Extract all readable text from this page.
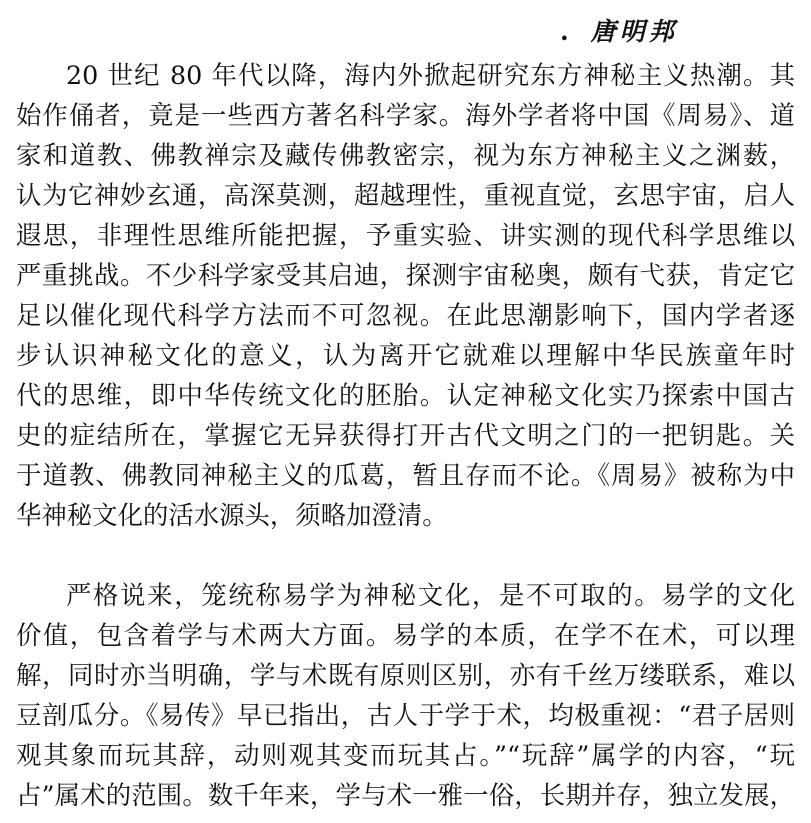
. 唐明邦
20 世纪 80 年代以降，海内外掀起研究东方神秘主义热潮。其
始作俑者，竟是一些西方著名科学家。海外学者将中国《周易》、道
家和道教、佛教禅宗及藏传佛教密宗，视为东方神秘主义之渊薮，
认为它神妙玄通，高深莫测，超越理性，重视直觉，玄思宇宙，启人
遐思，非理性思维所能把握，予重实验、讲实测的现代科学思维以
严重挑战。不少科学家受其启迪，探测宇宙秘奥，颇有弋获，肯定它
足以催化现代科学方法而不可忽视。在此思潮影响下，国内学者逐
步认识神秘文化的意义，认为离开它就难以理解中华民族童年时
代的思维，即中华传统文化的胚胎。认定神秘文化实乃探索中国古
史的症结所在，掌握它无异获得打开古代文明之门的一把钥匙。关
于道教、佛教同神秘主义的瓜葛，暂且存而不论。《周易》被称为中
华神秘文化的活水源头，须略加澄清。
严格说来，笼统称易学为神秘文化，是不可取的。易学的文化
价值，包含着学与术两大方面。易学的本质，在学不在术，可以理
解，同时亦当明确，学与术既有原则区别，亦有千丝万缕联系，难以
豆剖瓜分。《易传》早已指出，古人于学于术，均极重视：“君子居则
观其象而玩其辞，动则观其变而玩其占。”“玩辞”属学的内容，“玩
占”属术的范围。数千年来，学与术一雅一俗，长期并存，独立发展，
